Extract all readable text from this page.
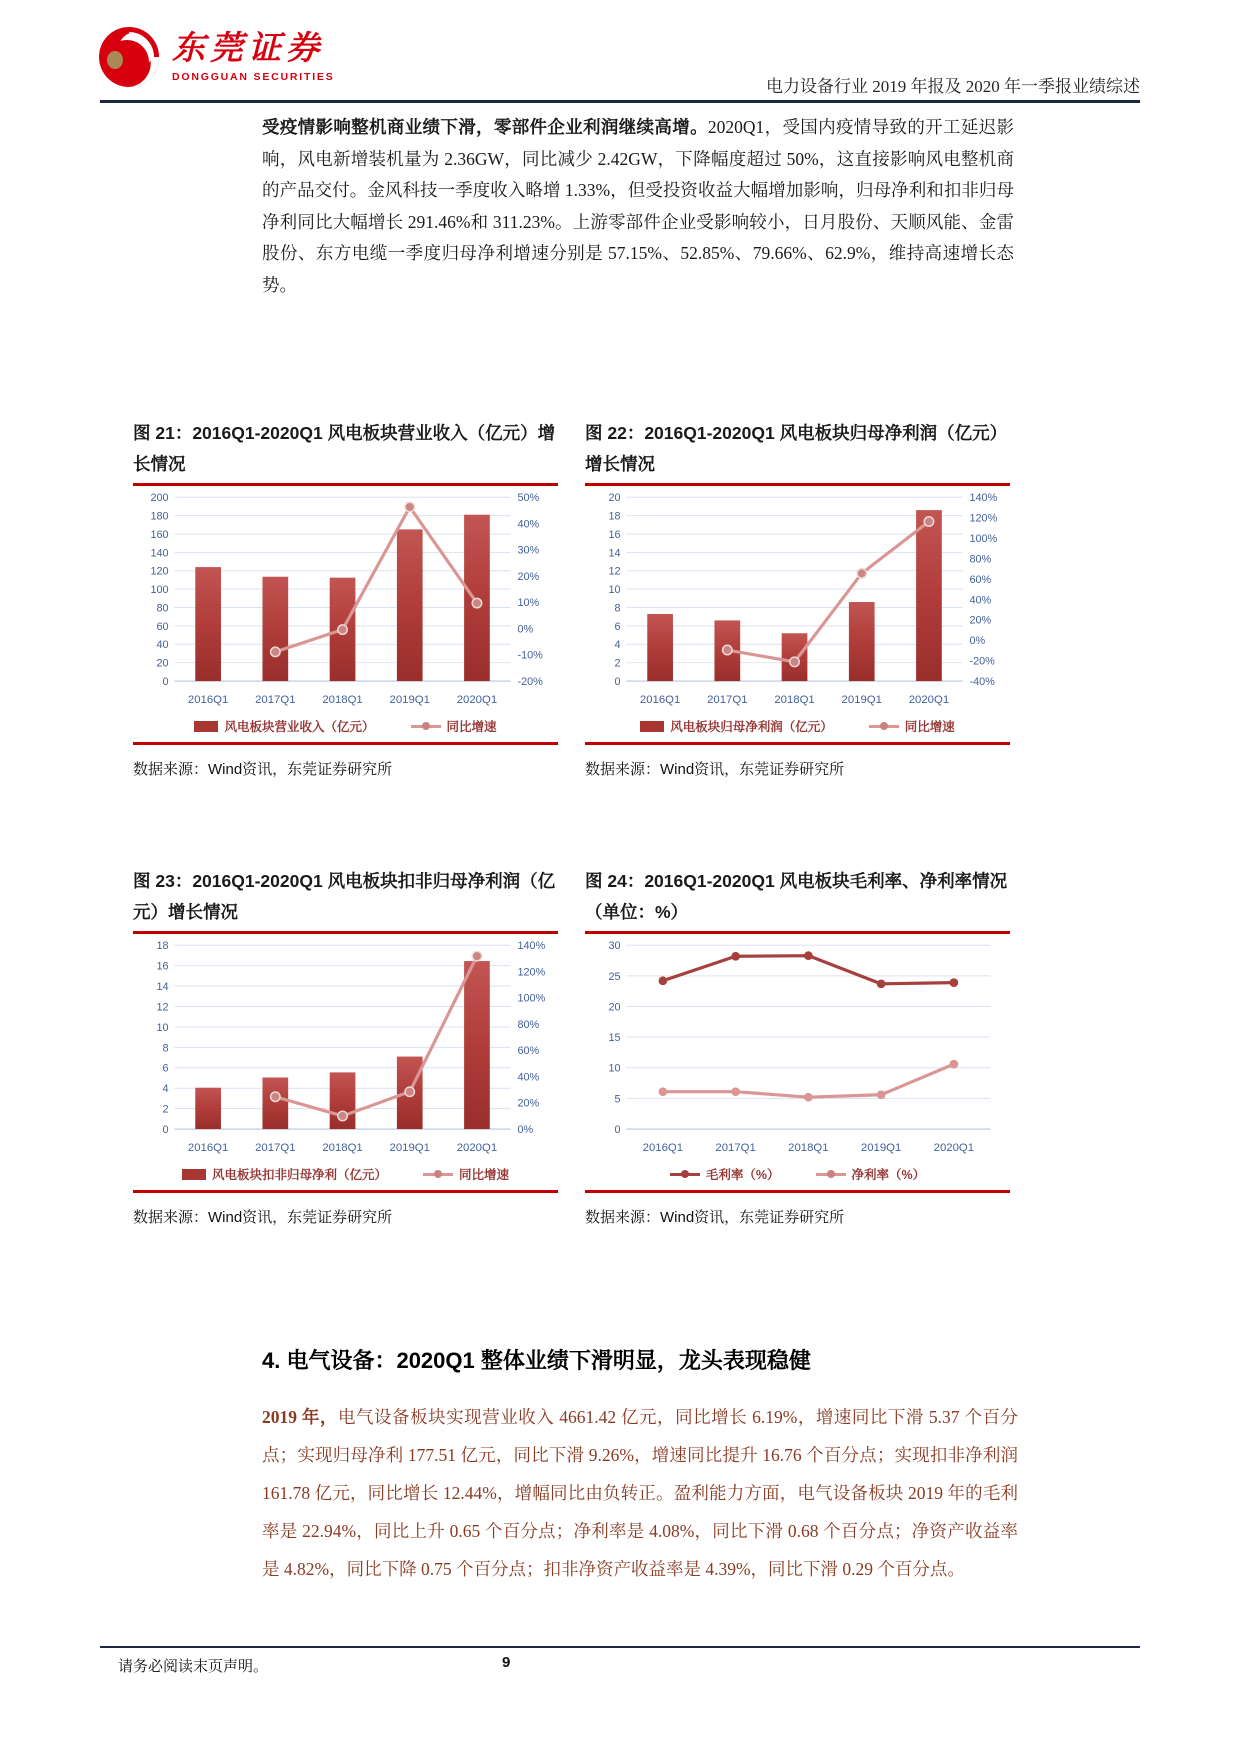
东莞证券
DONGGUAN SECURITIES	电力设备行业 2019 年报及 2020 年一季报业绩综述

受疫情影响整机商业绩下滑，零部件企业利润继续高增。2020Q1，受国内疫情导致的开工延迟影响，风电新增装机量为 2.36GW，同比减少 2.42GW，下降幅度超过 50%，这直接影响风电整机商的产品交付。金风科技一季度收入略增 1.33%，但受投资收益大幅增加影响，归母净利和扣非归母净利同比大幅增长 291.46%和 311.23%。上游零部件企业受影响较小，日月股份、天顺风能、金雷股份、东方电缆一季度归母净利增速分别是 57.15%、52.85%、79.66%、62.9%，维持高速增长态势。

图 21：2016Q1-2020Q1 风电板块营业收入（亿元）增长情况
0
20
40
60
80
100
120
140
160
180
200
-20%
-10%
0%
10%
20%
30%
40%
50%
2016Q1 2017Q1 2018Q1 2019Q1 2020Q1
风电板块营业收入（亿元）	同比增速
数据来源：Wind资讯，东莞证券研究所
图 22：2016Q1-2020Q1 风电板块归母净利润（亿元）增长情况
0
2
4
6
8
10
12
14
16
18
20
-40%
-20%
0%
20%
40%
60%
80%
100%
120%
140%
2016Q1 2017Q1 2018Q1 2019Q1 2020Q1
风电板块归母净利润（亿元）	同比增速
数据来源：Wind资讯，东莞证券研究所
图 23：2016Q1-2020Q1 风电板块扣非归母净利润（亿元）增长情况
0
2
4
6
8
10
12
14
16
18
0%
20%
40%
60%
80%
100%
120%
140%
2016Q1 2017Q1 2018Q1 2019Q1 2020Q1
风电板块扣非归母净利（亿元）	同比增速
数据来源：Wind资讯，东莞证券研究所
图 24：2016Q1-2020Q1 风电板块毛利率、净利率情况（单位：%）
0
5
10
15
20
25
30
2016Q1	2017Q1	2018Q1	2019Q1	2020Q1
毛利率（%）	净利率（%）
数据来源：Wind资讯，东莞证券研究所
4. 电气设备：2020Q1 整体业绩下滑明显，龙头表现稳健

2019 年，电气设备板块实现营业收入 4661.42 亿元，同比增长 6.19%，增速同比下滑 5.37 个百分点；实现归母净利 177.51 亿元，同比下滑 9.26%，增速同比提升 16.76 个百分点；实现扣非净利润 161.78 亿元，同比增长 12.44%，增幅同比由负转正。盈利能力方面，电气设备板块 2019 年的毛利率是 22.94%，同比上升 0.65 个百分点；净利率是 4.08%，同比下滑 0.68 个百分点；净资产收益率是 4.82%，同比下降 0.75 个百分点；扣非净资产收益率是 4.39%，同比下滑 0.29 个百分点。

请务必阅读末页声明。	9
